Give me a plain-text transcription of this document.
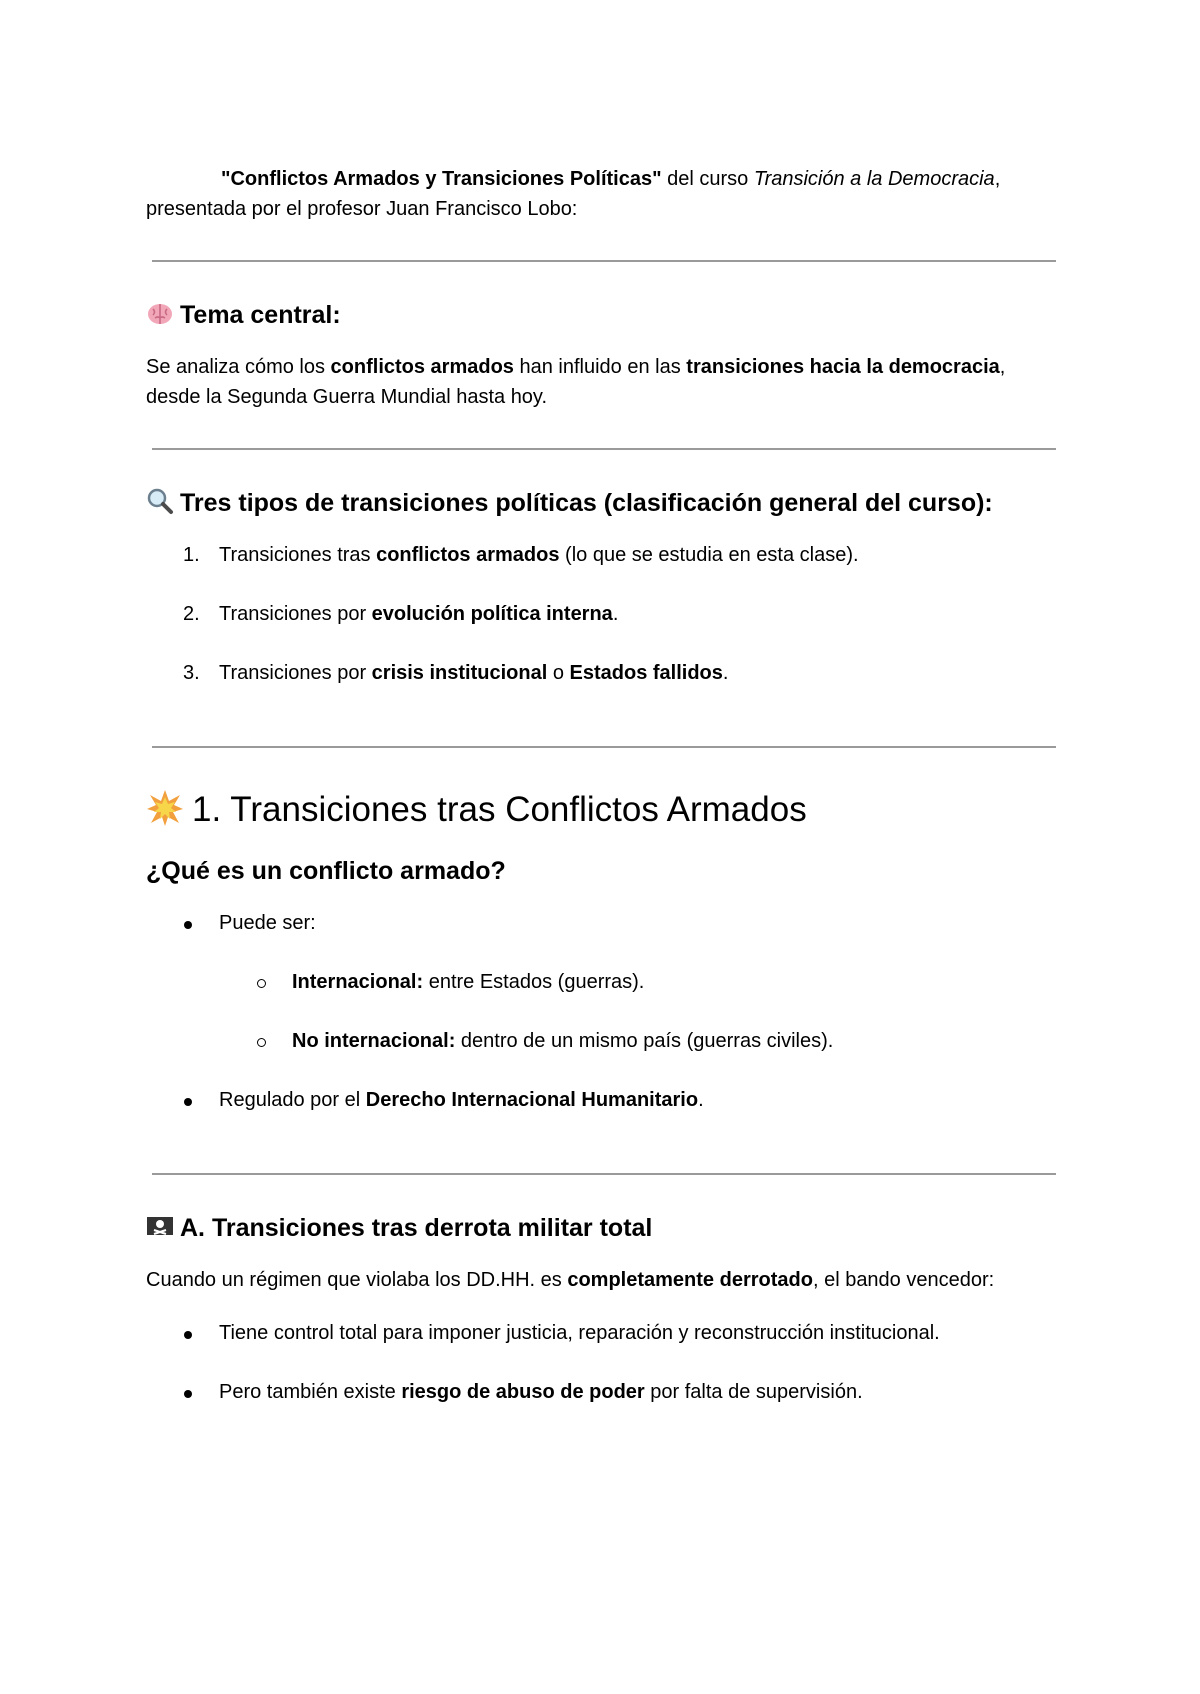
"Conflictos Armados y Transiciones Políticas" del curso Transición a la Democracia, presentada por el profesor Juan Francisco Lobo:

Tema central:

Se analiza cómo los conflictos armados han influido en las transiciones hacia la democracia, desde la Segunda Guerra Mundial hasta hoy.

Tres tipos de transiciones políticas (clasificación general del curso):
1. Transiciones tras conflictos armados (lo que se estudia en esta clase).
2. Transiciones por evolución política interna.
3. Transiciones por crisis institucional o Estados fallidos.
1. Transiciones tras Conflictos Armados
¿Qué es un conflicto armado?
Puede ser:
Internacional: entre Estados (guerras).
No internacional: dentro de un mismo país (guerras civiles).
Regulado por el Derecho Internacional Humanitario.
A. Transiciones tras derrota militar total

Cuando un régimen que violaba los DD.HH. es completamente derrotado, el bando vencedor:

Tiene control total para imponer justicia, reparación y reconstrucción institucional.
Pero también existe riesgo de abuso de poder por falta de supervisión.
